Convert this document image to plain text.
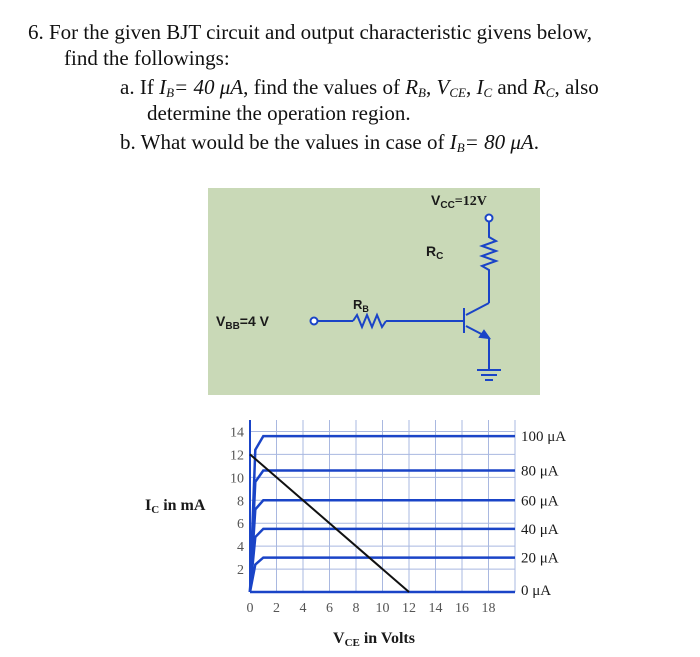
6. For the given BJT circuit and output characteristic givens below,
find the followings:
a. If $I_B= 40$ μA, find the values of $R_B$, $V_{CE}$, $I_C$ and $R_C$, also
determine the operation region.
b. What would be the values in case of $I_B= 80$ μA.
$V_{CC}=12V$
$R_C$
$R_B$
$V_{BB}=4$ V
2
4
6
8
10
12
14
0 2 4 6 8 10 12 14 16 18
0 μA
20 μA
40 μA
60 μA
80 μA
100 μA
IC in mA
VCE in Volts
